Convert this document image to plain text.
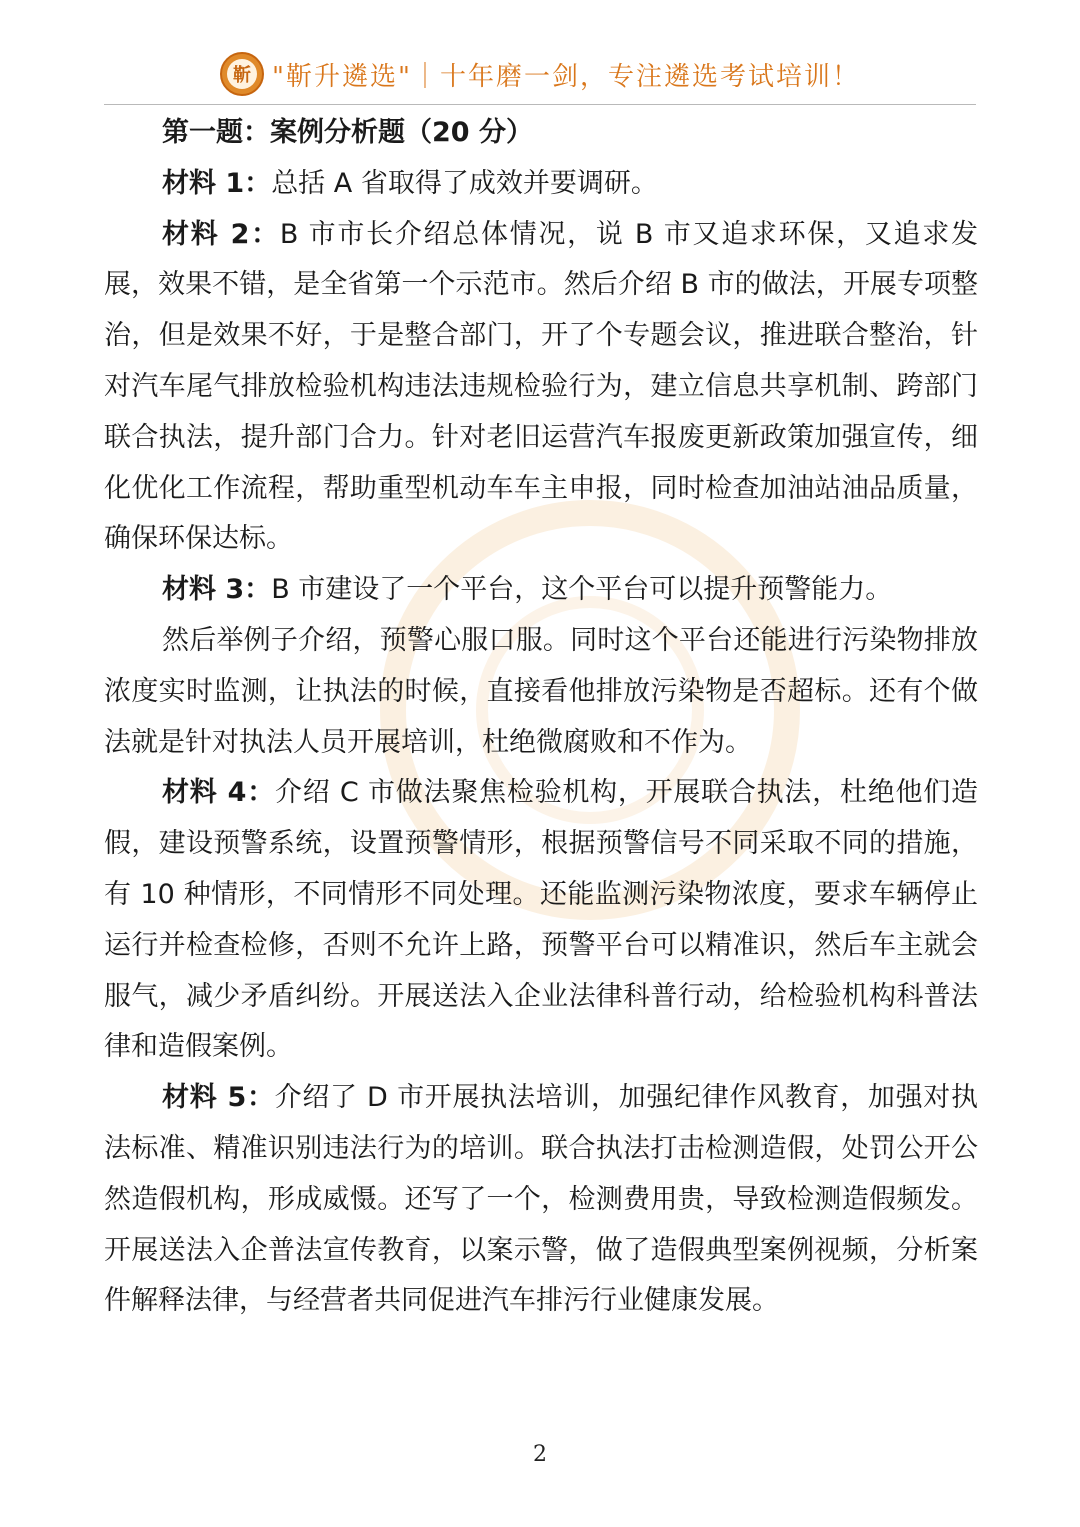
靳 "靳升遴选"｜十年磨一剑，专注遴选考试培训！

第一题：案例分析题（20 分）

材料 1：总括 A 省取得了成效并要调研。

材料 2：B 市市长介绍总体情况，说 B 市又追求环保，又追求发展，效果不错，是全省第一个示范市。然后介绍 B 市的做法，开展专项整治，但是效果不好，于是整合部门，开了个专题会议，推进联合整治，针对汽车尾气排放检验机构违法违规检验行为，建立信息共享机制、跨部门联合执法，提升部门合力。针对老旧运营汽车报废更新政策加强宣传，细化优化工作流程，帮助重型机动车车主申报，同时检查加油站油品质量，确保环保达标。

材料 3：B 市建设了一个平台，这个平台可以提升预警能力。

然后举例子介绍，预警心服口服。同时这个平台还能进行污染物排放浓度实时监测，让执法的时候，直接看他排放污染物是否超标。还有个做法就是针对执法人员开展培训，杜绝微腐败和不作为。

材料 4：介绍 C 市做法聚焦检验机构，开展联合执法，杜绝他们造假，建设预警系统，设置预警情形，根据预警信号不同采取不同的措施，有 10 种情形，不同情形不同处理。还能监测污染物浓度，要求车辆停止运行并检查检修，否则不允许上路，预警平台可以精准识，然后车主就会服气，减少矛盾纠纷。开展送法入企业法律科普行动，给检验机构科普法律和造假案例。

材料 5：介绍了 D 市开展执法培训，加强纪律作风教育，加强对执法标准、精准识别违法行为的培训。联合执法打击检测造假，处罚公开公然造假机构，形成威慑。还写了一个，检测费用贵，导致检测造假频发。开展送法入企普法宣传教育，以案示警，做了造假典型案例视频，分析案件解释法律，与经营者共同促进汽车排污行业健康发展。

2
